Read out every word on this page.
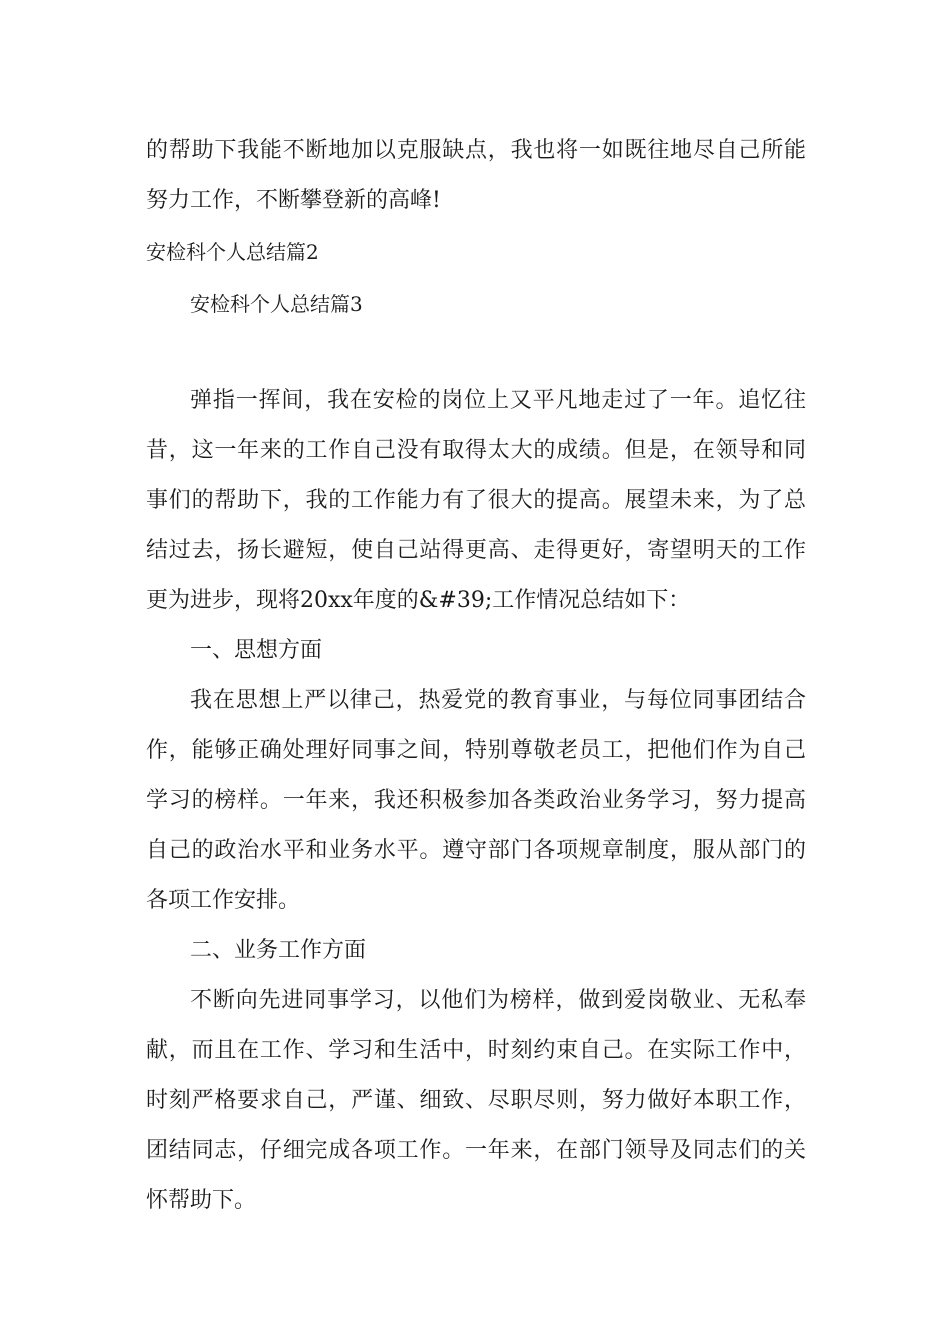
的帮助下我能不断地加以克服缺点，我也将一如既往地尽自己所能
努力工作，不断攀登新的高峰!
安检科个人总结篇2
安检科个人总结篇3
弹指一挥间，我在安检的岗位上又平凡地走过了一年。追忆往
昔，这一年来的工作自己没有取得太大的成绩。但是，在领导和同
事们的帮助下，我的工作能力有了很大的提高。展望未来，为了总
结过去，扬长避短，使自己站得更高、走得更好，寄望明天的工作
更为进步，现将20xx年度的&#39;工作情况总结如下：
一、思想方面
我在思想上严以律己，热爱党的教育事业，与每位同事团结合
作，能够正确处理好同事之间，特别尊敬老员工，把他们作为自己
学习的榜样。一年来，我还积极参加各类政治业务学习，努力提高
自己的政治水平和业务水平。遵守部门各项规章制度，服从部门的
各项工作安排。
二、业务工作方面
不断向先进同事学习，以他们为榜样，做到爱岗敬业、无私奉
献，而且在工作、学习和生活中，时刻约束自己。在实际工作中，
时刻严格要求自己，严谨、细致、尽职尽则，努力做好本职工作，
团结同志，仔细完成各项工作。一年来，在部门领导及同志们的关
怀帮助下。
